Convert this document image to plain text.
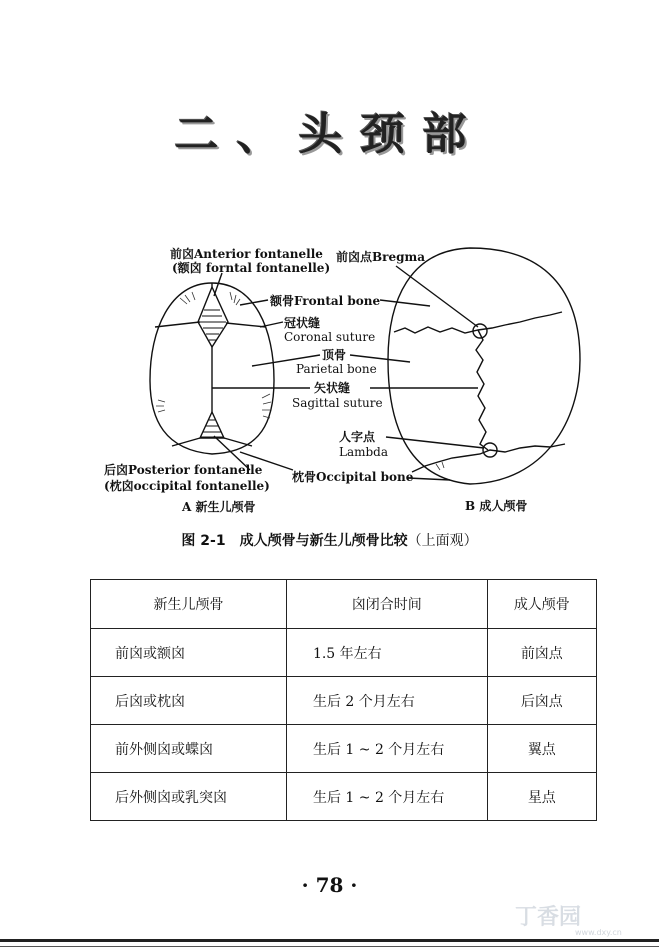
二、头颈部
前囟Anterior fontanelle
(额囟 forntal fontanelle)
前囟点Bregma
额骨Frontal bone
冠状缝
Coronal suture
顶骨
Parietal bone
矢状缝
Sagittal suture
人字点
Lambda
后囟Posterior fontanelle
(枕囟occipital fontanelle)
枕骨Occipital bone
A 新生儿颅骨	B 成人颅骨
图 2-1　成人颅骨与新生儿颅骨比较（上面观）
新生儿颅骨	囟闭合时间	成人颅骨
前囟或额囟	1.5 年左右	前囟点
后囟或枕囟	生后 2 个月左右	后囟点
前外侧囟或蝶囟	生后 1 ~ 2 个月左右	翼点
后外侧囟或乳突囟	生后 1 ~ 2 个月左右	星点
· 78 ·
丁香园
www.dxy.cn
